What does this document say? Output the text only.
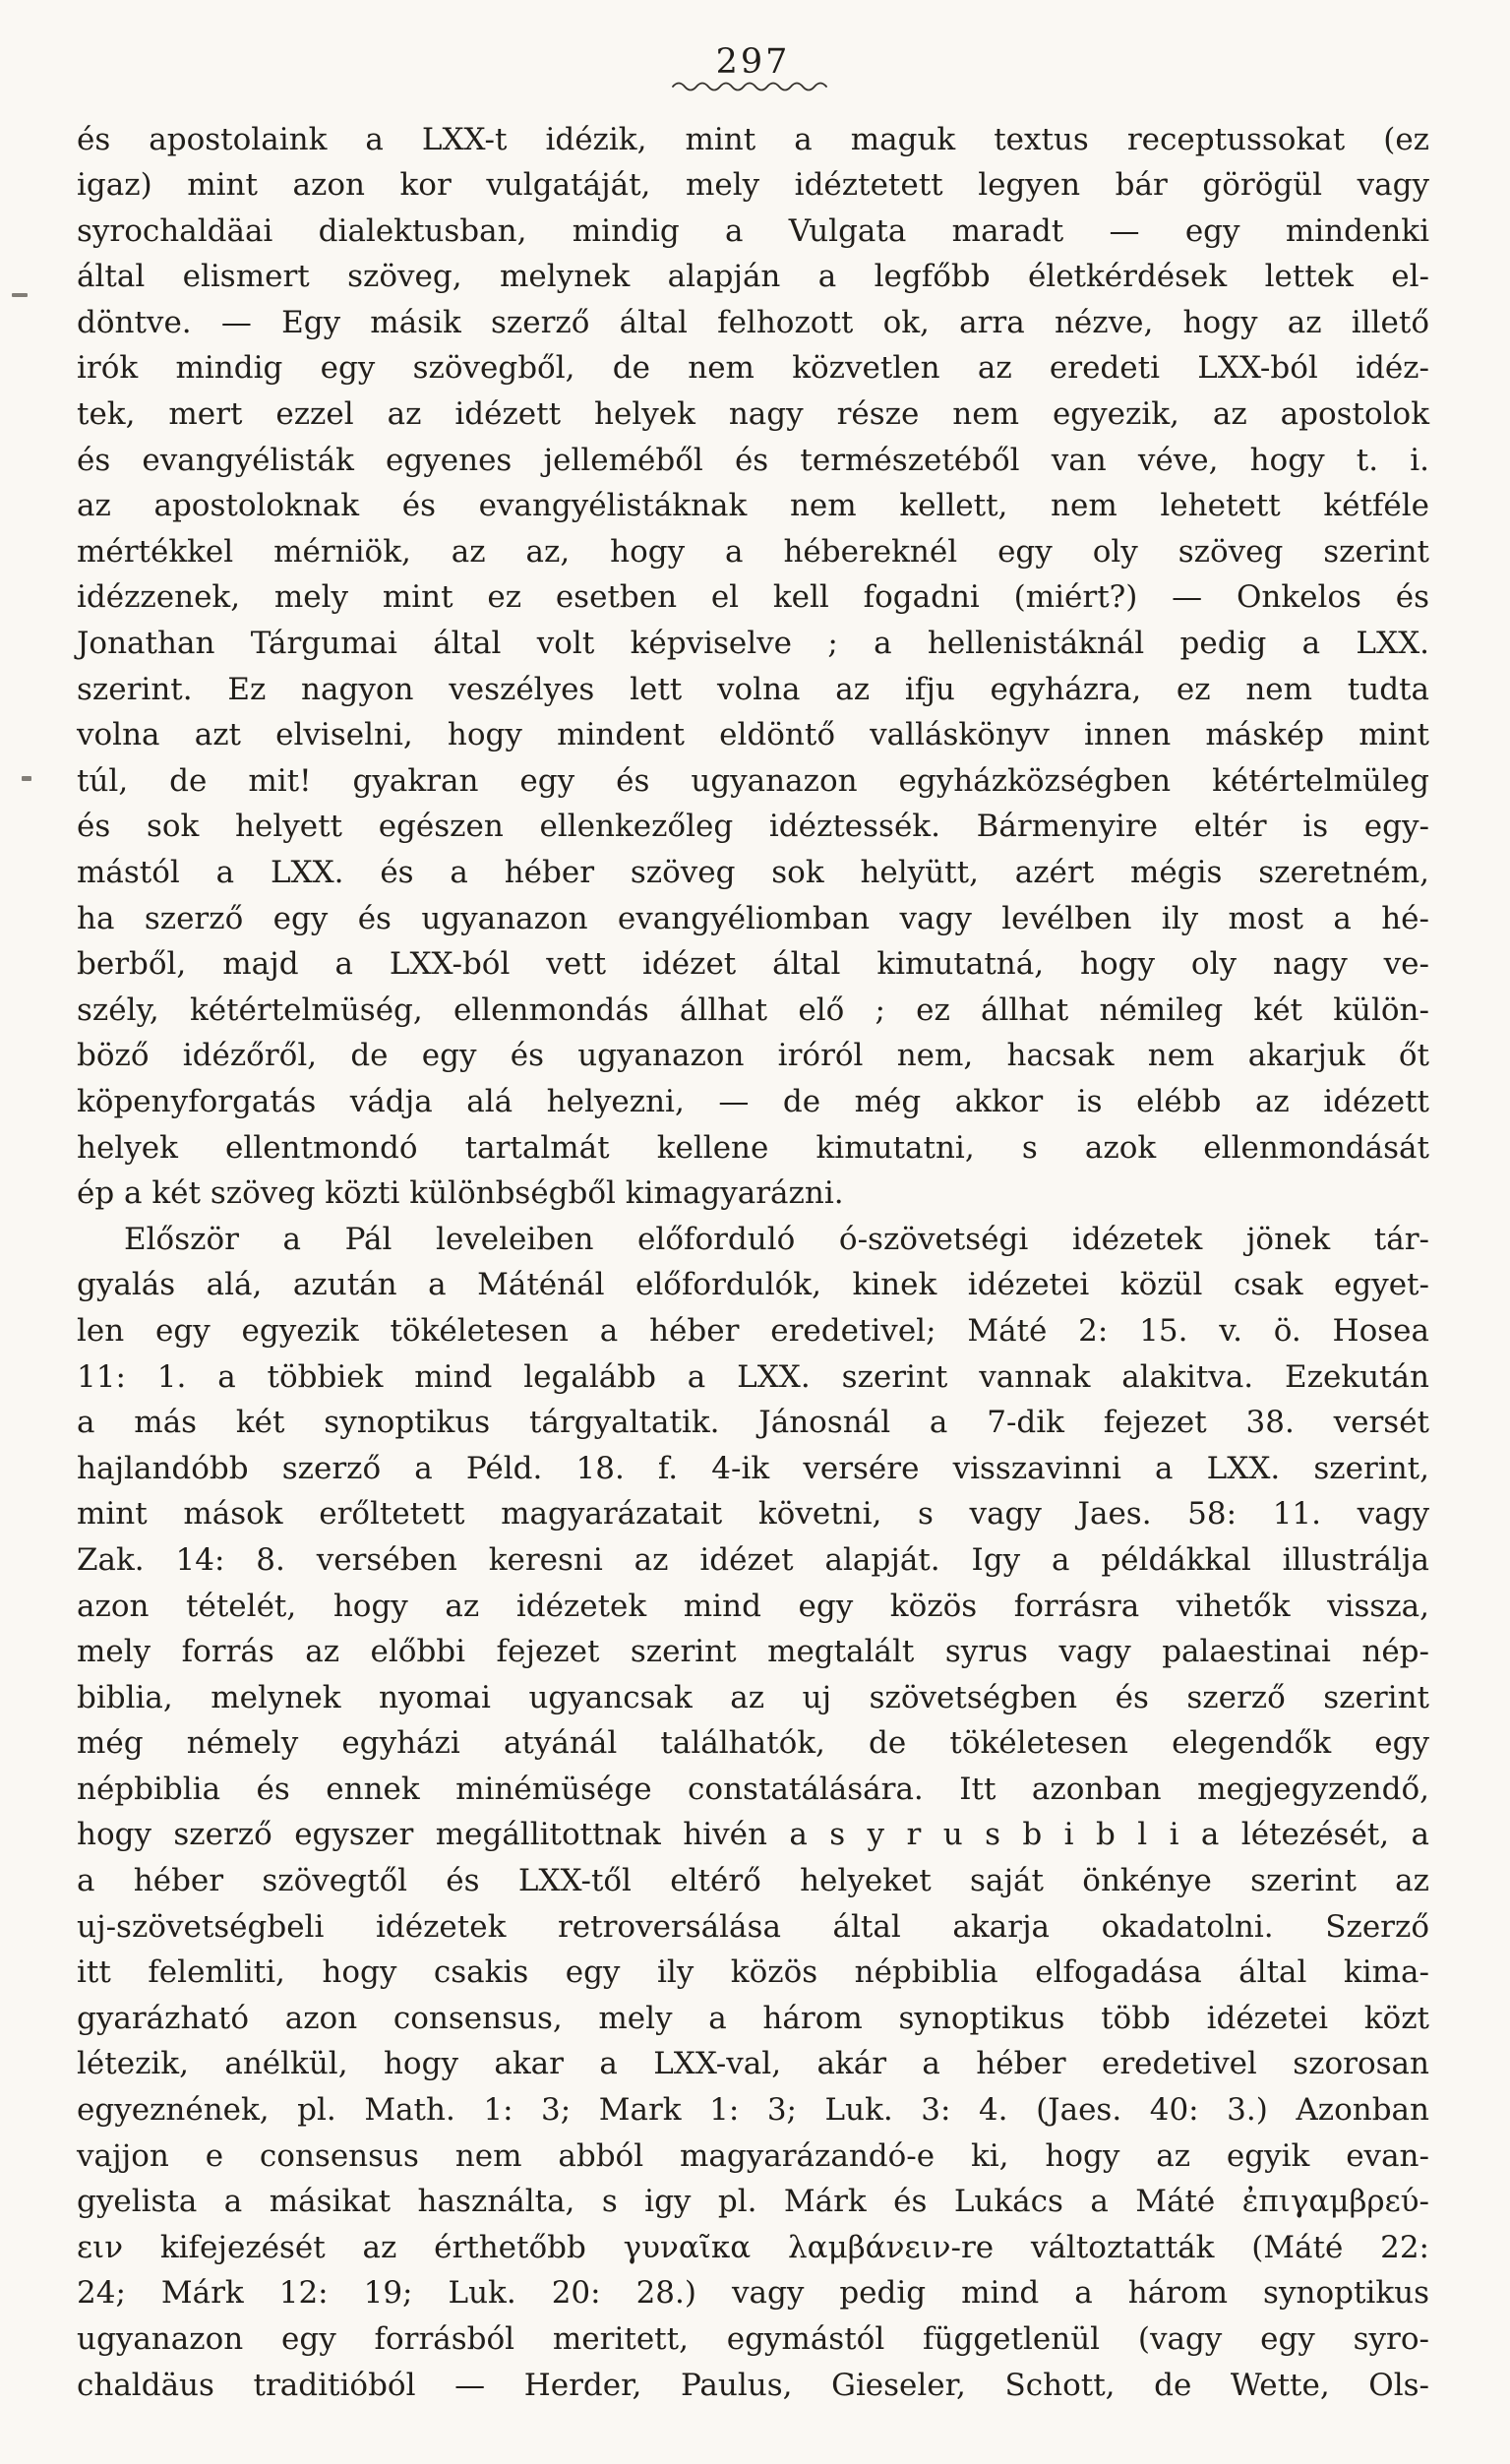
297
és apostolaink a LXX-t idézik, mint a maguk textus receptussokat (ez
igaz) mint azon kor vulgatáját, mely idéztetett legyen bár görögül vagy
syrochaldäai dialektusban, mindig a Vulgata maradt — egy mindenki
által elismert szöveg, melynek alapján a legfőbb életkérdések lettek el-
döntve. — Egy másik szerző által felhozott ok, arra nézve, hogy az illető
irók mindig egy szövegből, de nem közvetlen az eredeti LXX-ból idéz-
tek, mert ezzel az idézett helyek nagy része nem egyezik, az apostolok
és evangyélisták egyenes jelleméből és természetéből van véve, hogy t. i.
az apostoloknak és evangyélistáknak nem kellett, nem lehetett kétféle
mértékkel mérniök, az az, hogy a hébereknél egy oly szöveg szerint
idézzenek, mely mint ez esetben el kell fogadni (miért?) — Onkelos és
Jonathan Tárgumai által volt képviselve ; a hellenistáknál pedig a LXX.
szerint. Ez nagyon veszélyes lett volna az ifju egyházra, ez nem tudta
volna azt elviselni, hogy mindent eldöntő valláskönyv innen máskép mint
túl, de mit! gyakran egy és ugyanazon egyházközségben kétértelmüleg
és sok helyett egészen ellenkezőleg idéztessék. Bármenyire eltér is egy-
mástól a LXX. és a héber szöveg sok helyütt, azért mégis szeretném,
ha szerző egy és ugyanazon evangyéliomban vagy levélben ily most a hé-
berből, majd a LXX-ból vett idézet által kimutatná, hogy oly nagy ve-
szély, kétértelmüség, ellenmondás állhat elő ; ez állhat némileg két külön-
böző idézőről, de egy és ugyanazon iróról nem, hacsak nem akarjuk őt
köpenyforgatás vádja alá helyezni, — de még akkor is elébb az idézett
helyek ellentmondó tartalmát kellene kimutatni, s azok ellenmondását
ép a két szöveg közti különbségből kimagyarázni.
Először a Pál leveleiben előforduló ó-szövetségi idézetek jönek tár-
gyalás alá, azután a Máténál előfordulók, kinek idézetei közül csak egyet-
len egy egyezik tökéletesen a héber eredetivel; Máté 2: 15. v. ö. Hosea
11: 1. a többiek mind legalább a LXX. szerint vannak alakitva. Ezekután
a más két synoptikus tárgyaltatik. Jánosnál a 7-dik fejezet 38. versét
hajlandóbb szerző a Péld. 18. f. 4-ik versére visszavinni a LXX. szerint,
mint mások erőltetett magyarázatait követni, s vagy Jaes. 58: 11. vagy
Zak. 14: 8. versében keresni az idézet alapját. Igy a példákkal illustrálja
azon tételét, hogy az idézetek mind egy közös forrásra vihetők vissza,
mely forrás az előbbi fejezet szerint megtalált syrus vagy palaestinai nép-
biblia, melynek nyomai ugyancsak az uj szövetségben és szerző szerint
még némely egyházi atyánál találhatók, de tökéletesen elegendők egy
népbiblia és ennek minémüsége constatálására. Itt azonban megjegyzendő,
hogy szerző egyszer megállitottnak hivén a s y r u s b i b l i a létezését, a
a héber szövegtől és LXX-től eltérő helyeket saját önkénye szerint az
uj-szövetségbeli idézetek retroversálása által akarja okadatolni. Szerző
itt felemliti, hogy csakis egy ily közös népbiblia elfogadása által kima-
gyarázható azon consensus, mely a három synoptikus több idézetei közt
létezik, anélkül, hogy akar a LXX-val, akár a héber eredetivel szorosan
egyeznének, pl. Math. 1: 3; Mark 1: 3; Luk. 3: 4. (Jaes. 40: 3.) Azonban
vajjon e consensus nem abból magyarázandó-e ki, hogy az egyik evan-
gyelista a másikat használta, s igy pl. Márk és Lukács a Máté ἐπιγαμβρεύ-
ειν kifejezését az érthetőbb γυναῖκα λαμβάνειν-re változtatták (Máté 22:
24; Márk 12: 19; Luk. 20: 28.) vagy pedig mind a három synoptikus
ugyanazon egy forrásból meritett, egymástól függetlenül (vagy egy syro-
chaldäus traditióból — Herder, Paulus, Gieseler, Schott, de Wette, Ols-
